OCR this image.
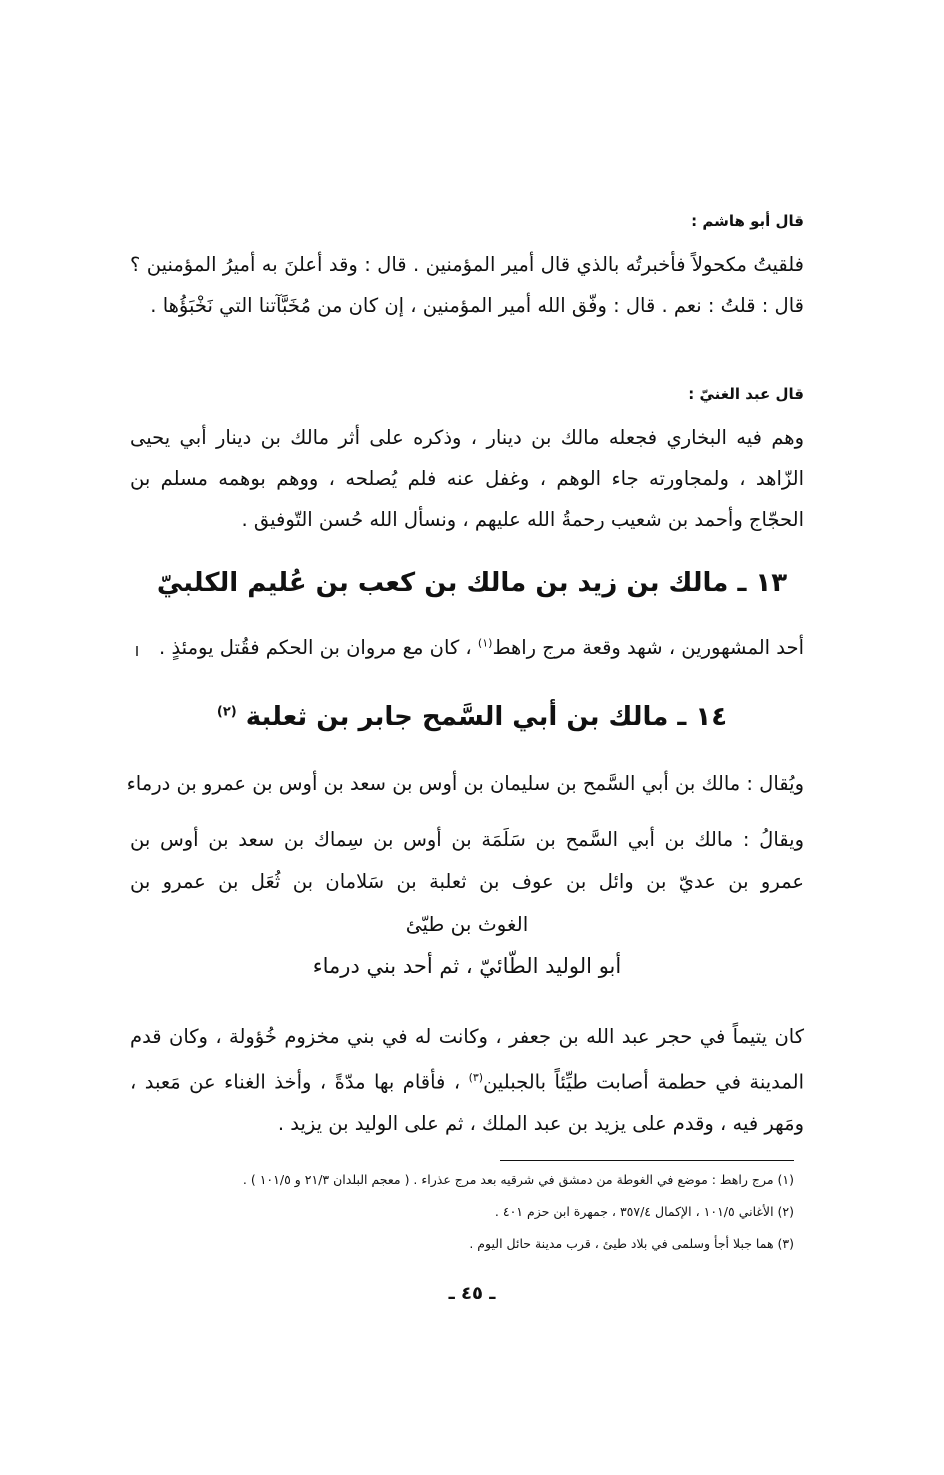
قال أبو هاشم :
فلقيتُ مكحولاً فأخبرتُه بالذي قال أمير المؤمنين . قال : وقد أعلنَ به أميرُ المؤمنين ؟ قال : قلتُ : نعم . قال : وفّق الله أمير المؤمنين ، إن كان من مُخَبَّآتنا التي نَخْبَؤُها .
قال عبد الغنيّ :
وهم فيه البخاري فجعله مالك بن دينار ، وذكره على أثر مالك بن دينار أبي يحيى الزّاهد ، ولمجاورته جاء الوهم ، وغفل عنه فلم يُصلحه ، ووهم بوهمه مسلم بن الحجّاج وأحمد بن شعيب رحمةُ الله عليهم ، ونسأل الله حُسن التّوفيق .
١٣ ـ مالك بن زيد بن مالك بن كعب بن عُليم الكلبيّ
أحد المشهورين ، شهد وقعة مرج راهط$^{(١)}$ ، كان مع مروان بن الحكم فقُتل يومئذٍ .
١٤ ـ مالك بن أبي السَّمح جابر بن ثعلبة $^{(٢)}$
ويُقال : مالك بن أبي السَّمح بن سليمان بن أوس بن سعد بن أوس بن عمرو بن درماء
ويقالُ : مالك بن أبي السَّمح بن سَلَمَة بن أوس بن سِماك بن سعد بن أوس بن
عمرو بن عديّ بن وائل بن عوف بن ثعلبة بن سَلامان بن ثُعَل بن عمرو بن
الغوث بن طيّئ
أبو الوليد الطّائيّ ، ثم أحد بني درماء
كان يتيماً في حجر عبد الله بن جعفر ، وكانت له في بني مخزوم خُؤولة ، وكان قدم المدينة في حطمة أصابت طيِّئاً بالجبلين$^{(٣)}$ ، فأقام بها مدّةً ، وأخذ الغناء عن مَعبد ، ومَهر فيه ، وقدم على يزيد بن عبد الملك ، ثم على الوليد بن يزيد .
(١) مرج راهط : موضع في الغوطة من دمشق في شرقيه بعد مرج عذراء . ( معجم البلدان ٢١/٣ و ١٠١/٥ ) .
(٢) الأغاني ١٠١/٥ ، الإكمال ٣٥٧/٤ ، جمهرة ابن حزم ٤٠١ .
(٣) هما جبلا أجأ وسلمى في بلاد طيئ ، قرب مدينة حائل اليوم .
ـ ٤٥ ـ
